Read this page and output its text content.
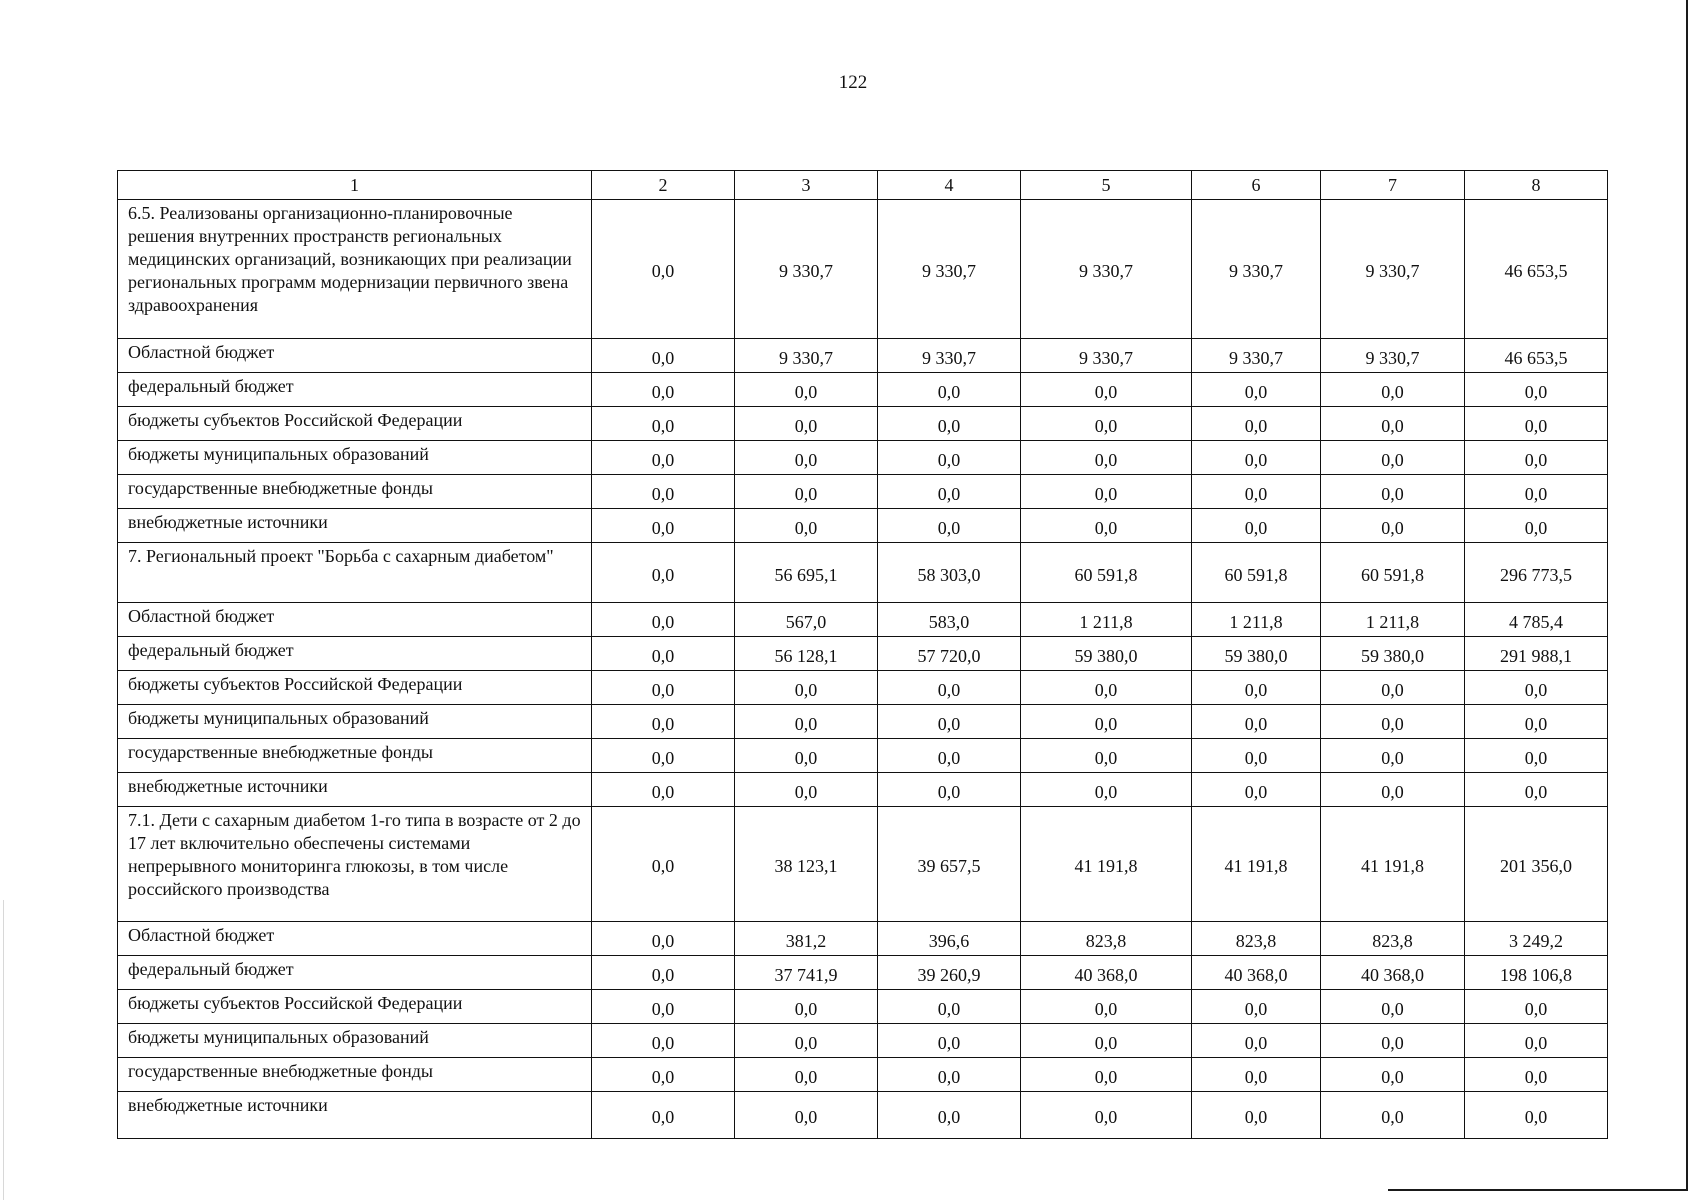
122
1	2	3	4	5	6	7	8
6.5. Реализованы организационно-планировочные решения внутренних пространств региональных медицинских организаций, возникающих при реализации региональных программ модернизации первичного звена здравоохранения	0,0	9 330,7	9 330,7	9 330,7	9 330,7	9 330,7	46 653,5
Областной бюджет	0,0	9 330,7	9 330,7	9 330,7	9 330,7	9 330,7	46 653,5
федеральный бюджет	0,0	0,0	0,0	0,0	0,0	0,0	0,0
бюджеты субъектов Российской Федерации	0,0	0,0	0,0	0,0	0,0	0,0	0,0
бюджеты муниципальных образований	0,0	0,0	0,0	0,0	0,0	0,0	0,0
государственные внебюджетные фонды	0,0	0,0	0,0	0,0	0,0	0,0	0,0
внебюджетные источники	0,0	0,0	0,0	0,0	0,0	0,0	0,0
7. Региональный проект "Борьба с сахарным диабетом"	0,0	56 695,1	58 303,0	60 591,8	60 591,8	60 591,8	296 773,5
Областной бюджет	0,0	567,0	583,0	1 211,8	1 211,8	1 211,8	4 785,4
федеральный бюджет	0,0	56 128,1	57 720,0	59 380,0	59 380,0	59 380,0	291 988,1
бюджеты субъектов Российской Федерации	0,0	0,0	0,0	0,0	0,0	0,0	0,0
бюджеты муниципальных образований	0,0	0,0	0,0	0,0	0,0	0,0	0,0
государственные внебюджетные фонды	0,0	0,0	0,0	0,0	0,0	0,0	0,0
внебюджетные источники	0,0	0,0	0,0	0,0	0,0	0,0	0,0
7.1. Дети с сахарным диабетом 1-го типа в возрасте от 2 до 17 лет включительно обеспечены системами непрерывного мониторинга глюкозы, в том числе российского производства	0,0	38 123,1	39 657,5	41 191,8	41 191,8	41 191,8	201 356,0
Областной бюджет	0,0	381,2	396,6	823,8	823,8	823,8	3 249,2
федеральный бюджет	0,0	37 741,9	39 260,9	40 368,0	40 368,0	40 368,0	198 106,8
бюджеты субъектов Российской Федерации	0,0	0,0	0,0	0,0	0,0	0,0	0,0
бюджеты муниципальных образований	0,0	0,0	0,0	0,0	0,0	0,0	0,0
государственные внебюджетные фонды	0,0	0,0	0,0	0,0	0,0	0,0	0,0
внебюджетные источники	0,0	0,0	0,0	0,0	0,0	0,0	0,0
